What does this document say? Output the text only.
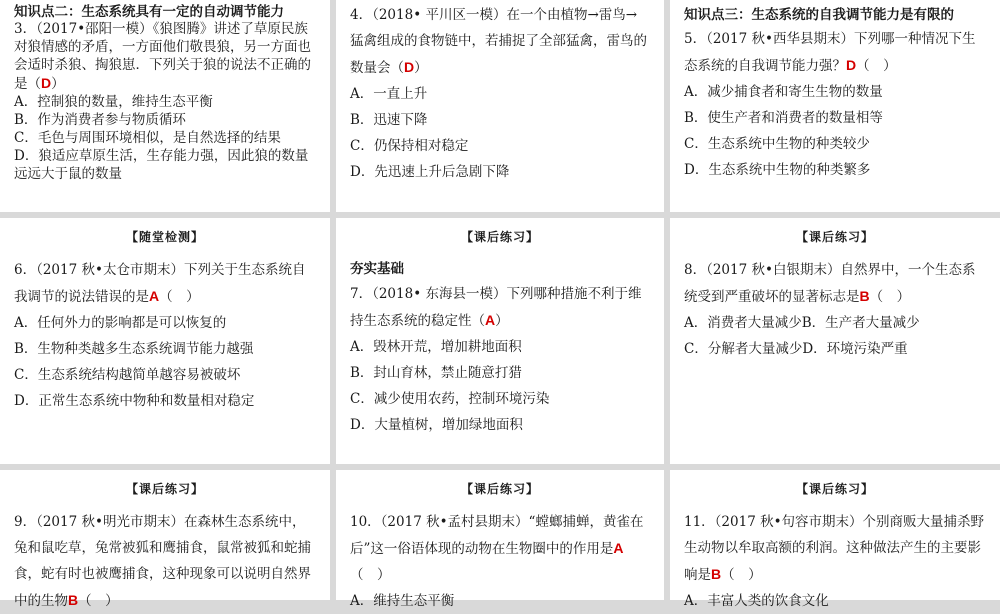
知识点二：生态系统具有一定的自动调节能力
3．（2017•邵阳一模）《狼图腾》讲述了草原民族对狼情感的矛盾，一方面他们敬畏狼，另一方面也会适时杀狼、掏狼崽．下列关于狼的说法不正确的是（D）
A．控制狼的数量，维持生态平衡
B．作为消费者参与物质循环
C．毛色与周围环境相似，是自然选择的结果
D．狼适应草原生活，生存能力强，因此狼的数量远远大于鼠的数量
4．（2018• 平川区一模）在一个由植物→雷鸟→猛禽组成的食物链中，若捕捉了全部猛禽，雷鸟的数量会（D）
A．一直上升
B．迅速下降
C．仍保持相对稳定
D．先迅速上升后急剧下降
知识点三：生态系统的自我调节能力是有限的
5．（2017 秋•西华县期末）下列哪一种情况下生态系统的自我调节能力强？D（　）
A．减少捕食者和寄生生物的数量
B．使生产者和消费者的数量相等
C．生态系统中生物的种类较少
D．生态系统中生物的种类繁多
【随堂检测】
6．（2017 秋•太仓市期末）下列关于生态系统自我调节的说法错误的是A（　）
A．任何外力的影响都是可以恢复的
B．生物种类越多生态系统调节能力越强
C．生态系统结构越简单越容易被破坏
D．正常生态系统中物种和数量相对稳定
【课后练习】
夯实基础
7．（2018• 东海县一模）下列哪种措施不利于维持生态系统的稳定性（A）
A．毁林开荒，增加耕地面积
B．封山育林，禁止随意打猎
C．减少使用农药，控制环境污染
D．大量植树，增加绿地面积
【课后练习】
8．（2017 秋•白银期末）自然界中，一个生态系统受到严重破坏的显著标志是B（　）
A．消费者大量减少B．生产者大量减少
C．分解者大量减少D．环境污染严重
【课后练习】
9．（2017 秋•明光市期末）在森林生态系统中，兔和鼠吃草，兔常被狐和鹰捕食，鼠常被狐和蛇捕食，蛇有时也被鹰捕食，这种现象可以说明自然界中的生物B（　）
【课后练习】
10．（2017 秋•孟村县期末）“螳螂捕蝉，黄雀在后”这一俗语体现的动物在生物圈中的作用是A（　）
A．维持生态平衡
【课后练习】
11．（2017 秋•句容市期末）个别商贩大量捕杀野生动物以牟取高额的利润。这种做法产生的主要影响是B（　）
A．丰富人类的饮食文化
